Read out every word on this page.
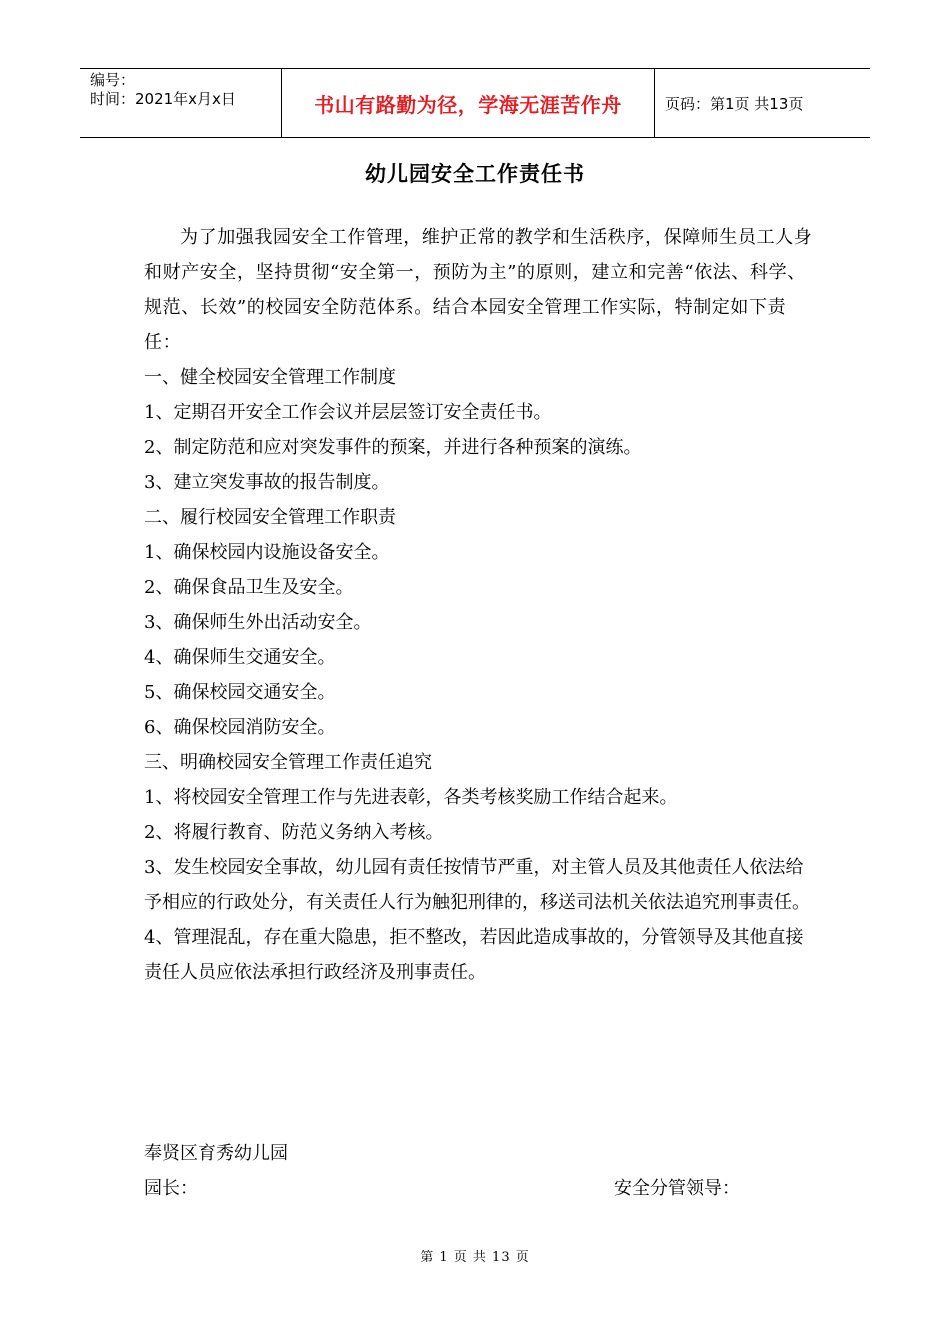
编号：
时间：2021年x月x日	书山有路勤为径，学海无涯苦作舟	页码：第1页 共13页
幼儿园安全工作责任书

为了加强我园安全工作管理，维护正常的教学和生活秩序，保障师生员工人身和财产安全，坚持贯彻“安全第一，预防为主”的原则，建立和完善“依法、科学、规范、长效”的校园安全防范体系。结合本园安全管理工作实际，特制定如下责任：

一、健全校园安全管理工作制度

1、定期召开安全工作会议并层层签订安全责任书。

2、制定防范和应对突发事件的预案，并进行各种预案的演练。

3、建立突发事故的报告制度。

二、履行校园安全管理工作职责

1、确保校园内设施设备安全。

2、确保食品卫生及安全。

3、确保师生外出活动安全。

4、确保师生交通安全。

5、确保校园交通安全。

6、确保校园消防安全。

三、明确校园安全管理工作责任追究

1、将校园安全管理工作与先进表彰，各类考核奖励工作结合起来。

2、将履行教育、防范义务纳入考核。

3、发生校园安全事故，幼儿园有责任按情节严重，对主管人员及其他责任人依法给予相应的行政处分，有关责任人行为触犯刑律的，移送司法机关依法追究刑事责任。

4、管理混乱，存在重大隐患，拒不整改，若因此造成事故的，分管领导及其他直接责任人员应依法承担行政经济及刑事责任。

奉贤区育秀幼儿园
园长：	安全分管领导：
第 1 页 共 13 页
